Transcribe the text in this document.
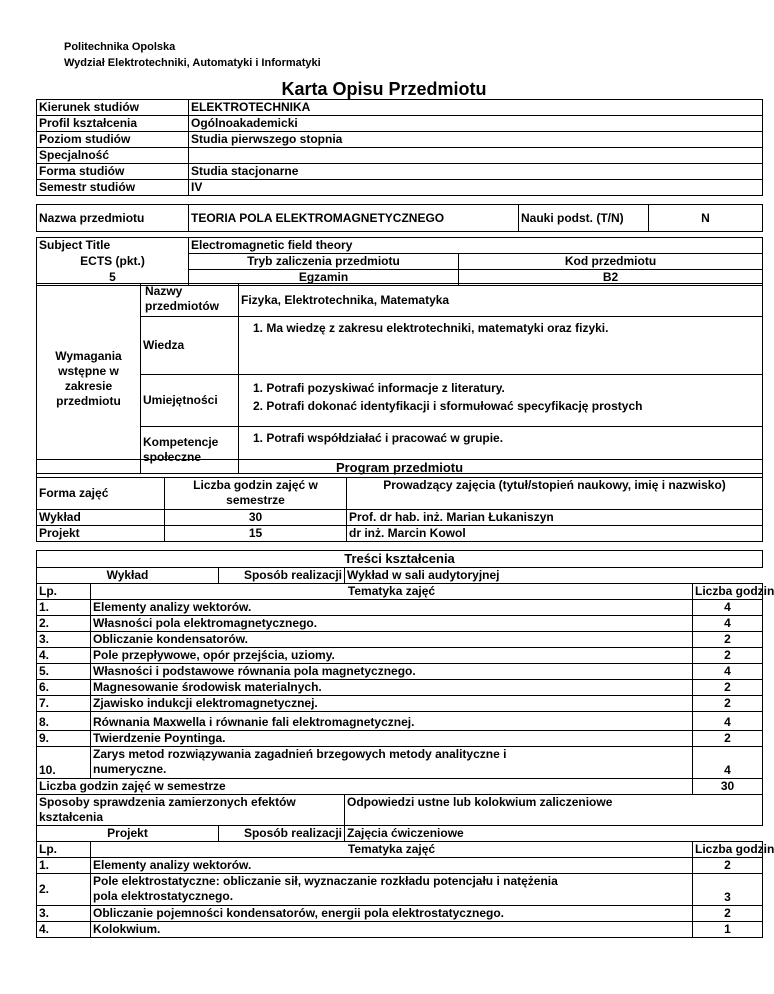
Politechnika Opolska
Wydział Elektrotechniki, Automatyki i Informatyki
Karta Opisu Przedmiotu
Kierunek studiów	ELEKTROTECHNIKA
Profil kształcenia	Ogólnoakademicki
Poziom studiów	Studia pierwszego stopnia
Specjalność	
Forma studiów	Studia stacjonarne
Semestr studiów	IV
Nazwa przedmiotu	TEORIA POLA ELEKTROMAGNETYCZNEGO	Nauki podst. (T/N)	N
Subject Title	Electromagnetic field theory	
ECTS (pkt.)	Tryb zaliczenia przedmiotu	Kod przedmiotu
5	Egzamin	B2
Wymagania wstępne w zakresie przedmiotu	Nazwy przedmiotów	Fizyka, Elektrotechnika, Matematyka
	Wiedza	1. Ma wiedzę z zakresu elektrotechniki, matematyki oraz fizyki.
	Umiejętności	1. Potrafi pozyskiwać informacje z literatury.
2. Potrafi dokonać identyfikacji i sformułować specyfikację prostych

	Kompetencje społeczne	1. Potrafi współdziałać i pracować w grupie.
Program przedmiotu		
Forma zajęć	Liczba godzin zajęć w semestrze	Prowadzący zajęcia (tytuł/stopień naukowy, imię i nazwisko)
Wykład	30	Prof. dr hab. inż. Marian Łukaniszyn
Projekt	15	dr inż. Marcin Kowol
Treści kształcenia				
Wykład		Sposób realizacji	Wykład w sali audytoryjnej	
Lp.	Tematyka zajęć			Liczba godzin
1.	Elementy analizy wektorów.			4
2.	Własności pola elektromagnetycznego.			4
3.	Obliczanie kondensatorów.			2
4.	Pole przepływowe, opór przejścia, uziomy.			2
5.	Własności i podstawowe równania pola magnetycznego.			4
6.	Magnesowanie środowisk materialnych.			2
7.	Zjawisko indukcji elektromagnetycznej.			2
8.	Równania Maxwella i równanie fali elektromagnetycznej.			4
9.	Twierdzenie Poyntinga.			2
10.	Zarys metod rozwiązywania zagadnień brzegowych metody analityczne i
numeryczne.			4
Liczba godzin zajęć w semestrze				30
Sposoby sprawdzenia zamierzonych efektów kształcenia			Odpowiedzi ustne lub kolokwium zaliczeniowe	
Projekt		Sposób realizacji	Zajęcia ćwiczeniowe	
Lp.	Tematyka zajęć			Liczba godzin
1.	Elementy analizy wektorów.			2
2.	Pole elektrostatyczne: obliczanie sił, wyznaczanie rozkładu potencjału i natężenia
pola elektrostatycznego.			3
3.	Obliczanie pojemności kondensatorów, energii pola elektrostatycznego.			2
4.	Kolokwium.			1
